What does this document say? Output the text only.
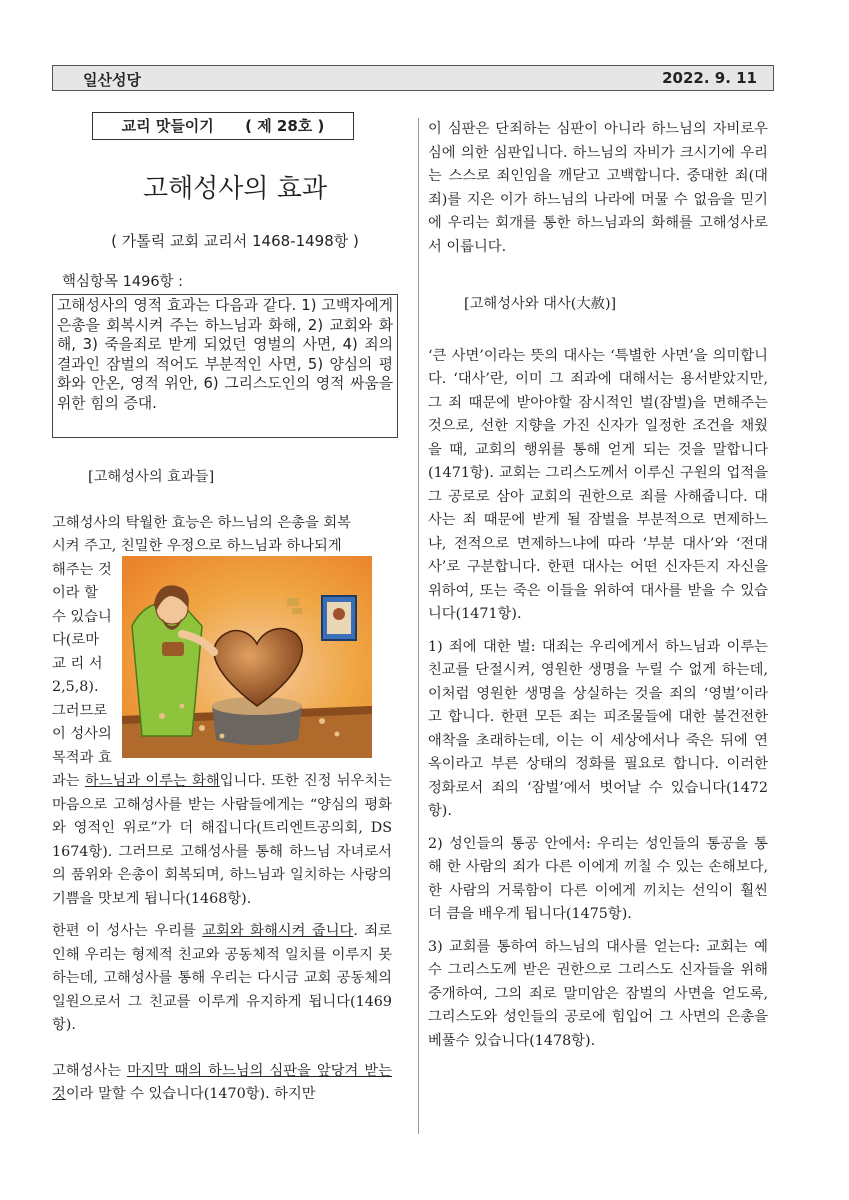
일산성당	2022. 9. 11
교리 맛들이기      ( 제 28호 )
고해성사의 효과
( 가톨릭 교회 교리서 1468-1498항 )
핵심항목 1496항 :
고해성사의 영적 효과는 다음과 같다. 1) 고백자에게 은총을 회복시켜 주는 하느님과 화해, 2) 교회와 화해, 3) 죽을죄로 받게 되었던 영벌의 사면, 4) 죄의 결과인 잠벌의 적어도 부분적인 사면, 5) 양심의 평화와 안온, 영적 위안, 6) 그리스도인의 영적 싸움을 위한 힘의 증대.

[고해성사의 효과들]

고해성사의 탁월한 효능은 하느님의 은총을 회복

시켜 주고, 친밀한 우정으로 하느님과 하나되게

해주는 것

이라 할

수 있습니

다(로마

교 리 서

2,5,8).

그러므로

이 성사의

목적과 효

과는 하느님과 이루는 화해입니다. 또한 진정 뉘우치는 마음으로 고해성사를 받는 사람들에게는 “양심의 평화와 영적인 위로”가 더 해집니다(트리엔트공의회, DS 1674항). 그러므로 고해성사를 통해 하느님 자녀로서의 품위와 은총이 회복되며, 하느님과 일치하는 사랑의 기쁨을 맛보게 됩니다(1468항).

한편 이 성사는 우리를 교회와 화해시켜 줍니다. 죄로 인해 우리는 형제적 친교와 공동체적 일치를 이루지 못하는데, 고해성사를 통해 우리는 다시금 교회 공동체의 일원으로서 그 친교를 이루게 유지하게 됩니다(1469항).

고해성사는 마지막 때의 하느님의 심판을 앞당겨 받는 것이라 말할 수 있습니다(1470항). 하지만

이 심판은 단죄하는 심판이 아니라 하느님의 자비로우심에 의한 심판입니다. 하느님의 자비가 크시기에 우리는 스스로 죄인임을 깨닫고 고백합니다. 중대한 죄(대죄)를 지은 이가 하느님의 나라에 머물 수 없음을 믿기에 우리는 회개를 통한 하느님과의 화해를 고해성사로서 이룹니다.

[고해성사와 대사(大赦)]

‘큰 사면’이라는 뜻의 대사는 ‘특별한 사면’을 의미합니다. ‘대사’란, 이미 그 죄과에 대해서는 용서받았지만, 그 죄 때문에 받아야할 잠시적인 벌(잠벌)을 면해주는 것으로, 선한 지향을 가진 신자가 일정한 조건을 채웠을 때, 교회의 행위를 통해 얻게 되는 것을 말합니다(1471항). 교회는 그리스도께서 이루신 구원의 업적을 그 공로로 삼아 교회의 권한으로 죄를 사해줍니다. 대사는 죄 때문에 받게 될 잠벌을 부분적으로 면제하느냐, 전적으로 면제하느냐에 따라 ‘부분 대사’와 ‘전대사’로 구분합니다. 한편 대사는 어떤 신자든지 자신을 위하여, 또는 죽은 이들을 위하여 대사를 받을 수 있습니다(1471항).

1) 죄에 대한 벌: 대죄는 우리에게서 하느님과 이루는 친교를 단절시켜, 영원한 생명을 누릴 수 없게 하는데, 이처럼 영원한 생명을 상실하는 것을 죄의 ‘영벌’이라고 합니다. 한편 모든 죄는 피조물들에 대한 불건전한 애착을 초래하는데, 이는 이 세상에서나 죽은 뒤에 연옥이라고 부른 상태의 정화를 필요로 합니다. 이러한 정화로서 죄의 ‘잠벌’에서 벗어날 수 있습니다(1472항).

2) 성인들의 통공 안에서: 우리는 성인들의 통공을 통해 한 사람의 죄가 다른 이에게 끼칠 수 있는 손해보다, 한 사람의 거룩함이 다른 이에게 끼치는 선익이 훨씬 더 큼을 배우게 됩니다(1475항).

3) 교회를 통하여 하느님의 대사를 얻는다: 교회는 예수 그리스도께 받은 권한으로 그리스도 신자들을 위해 중개하여, 그의 죄로 말미암은 잠벌의 사면을 얻도록, 그리스도와 성인들의 공로에 힘입어 그 사면의 은총을 베풀수 있습니다(1478항).
